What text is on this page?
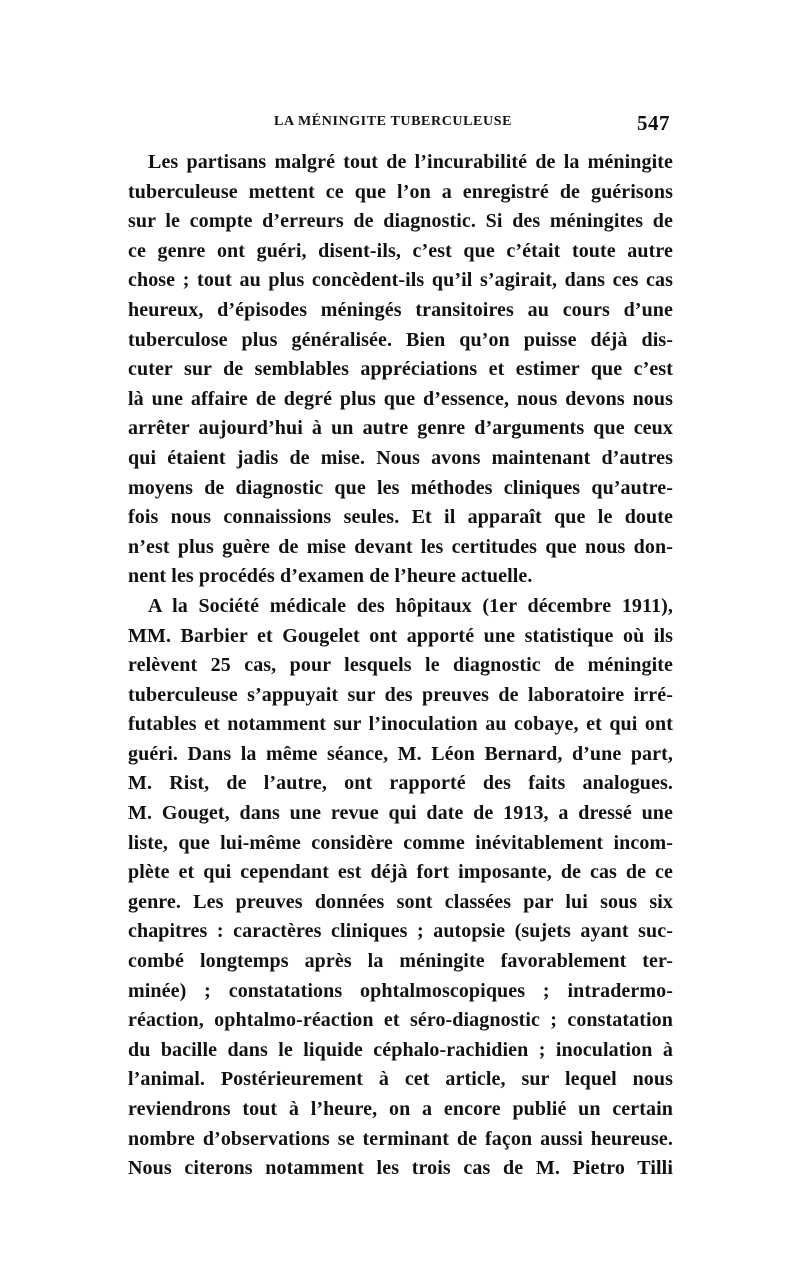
LA MÉNINGITE TUBERCULEUSE	547
Les partisans malgré tout de l’incurabilité de la méningite
tuberculeuse mettent ce que l’on a enregistré de guérisons
sur le compte d’erreurs de diagnostic. Si des méningites de
ce genre ont guéri, disent-ils, c’est que c’était toute autre
chose ; tout au plus concèdent-ils qu’il s’agirait, dans ces cas
heureux, d’épisodes méningés transitoires au cours d’une
tuberculose plus généralisée. Bien qu’on puisse déjà dis-
cuter sur de semblables appréciations et estimer que c’est
là une affaire de degré plus que d’essence, nous devons nous
arrêter aujourd’hui à un autre genre d’arguments que ceux
qui étaient jadis de mise. Nous avons maintenant d’autres
moyens de diagnostic que les méthodes cliniques qu’autre-
fois nous connaissions seules. Et il apparaît que le doute
n’est plus guère de mise devant les certitudes que nous don-
nent les procédés d’examen de l’heure actuelle.
A la Société médicale des hôpitaux (1er décembre 1911),
MM. Barbier et Gougelet ont apporté une statistique où ils
relèvent 25 cas, pour lesquels le diagnostic de méningite
tuberculeuse s’appuyait sur des preuves de laboratoire irré-
futables et notamment sur l’inoculation au cobaye, et qui ont
guéri. Dans la même séance, M. Léon Bernard, d’une part,
M. Rist, de l’autre, ont rapporté des faits analogues.
M. Gouget, dans une revue qui date de 1913, a dressé une
liste, que lui-même considère comme inévitablement incom-
plète et qui cependant est déjà fort imposante, de cas de ce
genre. Les preuves données sont classées par lui sous six
chapitres : caractères cliniques ; autopsie (sujets ayant suc-
combé longtemps après la méningite favorablement ter-
minée) ; constatations ophtalmoscopiques ; intradermo-
réaction, ophtalmo-réaction et séro-diagnostic ; constatation
du bacille dans le liquide céphalo-rachidien ; inoculation à
l’animal. Postérieurement à cet article, sur lequel nous
reviendrons tout à l’heure, on a encore publié un certain
nombre d’observations se terminant de façon aussi heureuse.
Nous citerons notamment les trois cas de M. Pietro Tilli
